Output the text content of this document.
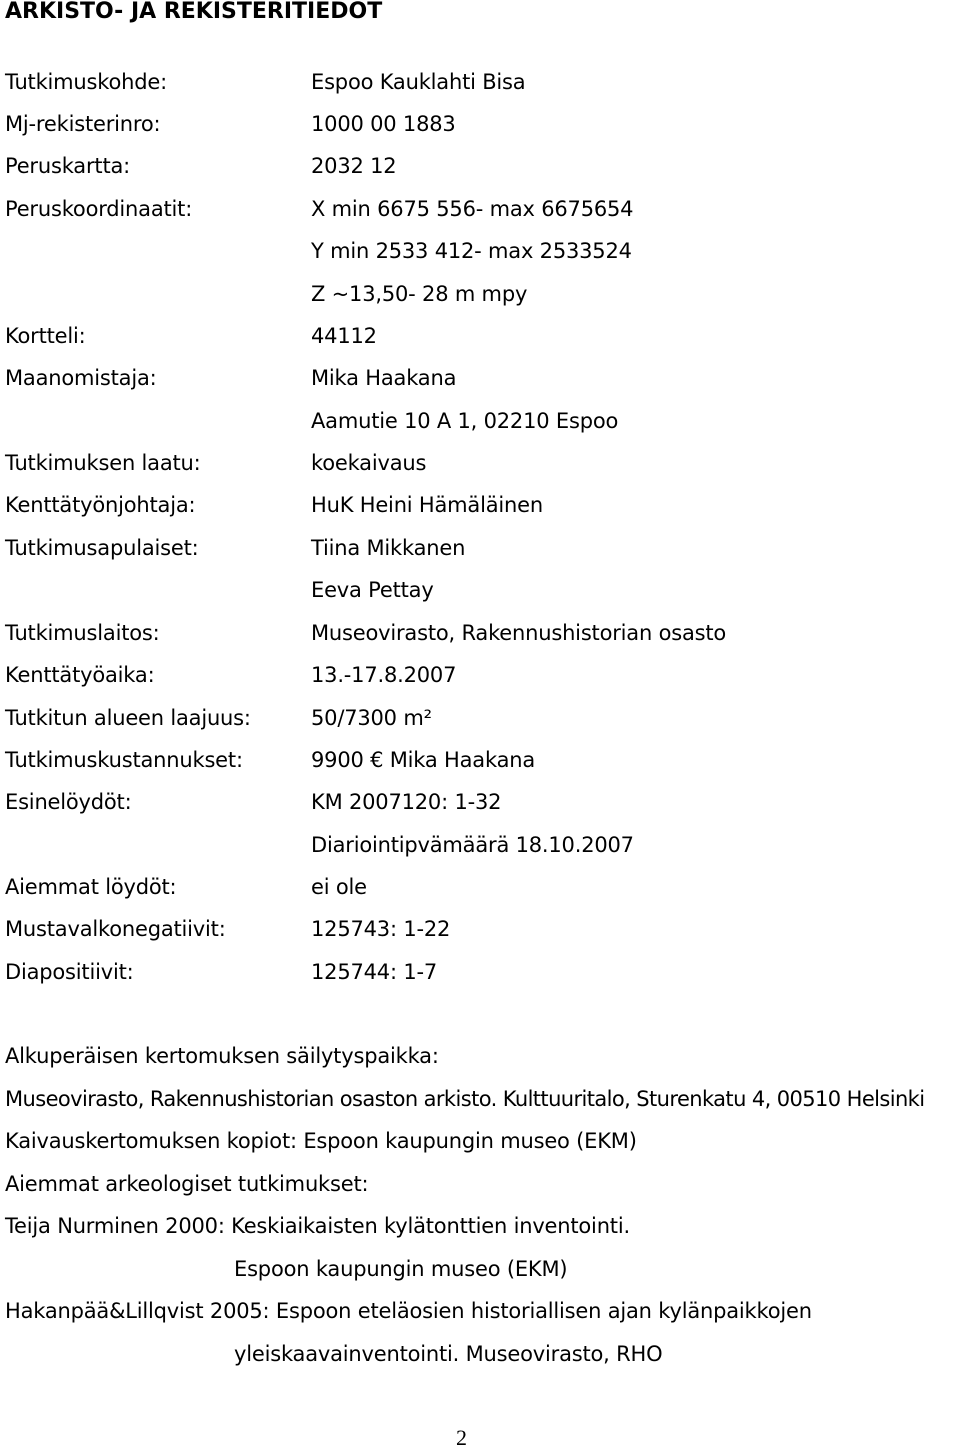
ARKISTO- JA REKISTERITIEDOT
Tutkimuskohde:	Espoo Kauklahti Bisa
Mj-rekisterinro:	1000 00 1883
Peruskartta:	2032 12
Peruskoordinaatit:	X min 6675 556- max 6675654
Y min 2533 412- max 2533524
Z ~13,50- 28 m mpy
Kortteli:	44112
Maanomistaja:	Mika Haakana
Aamutie 10 A 1, 02210 Espoo
Tutkimuksen laatu:	koekaivaus
Kenttätyönjohtaja:	HuK Heini Hämäläinen
Tutkimusapulaiset:	Tiina Mikkanen
Eeva Pettay
Tutkimuslaitos:	Museovirasto, Rakennushistorian osasto
Kenttätyöaika:	13.-17.8.2007
Tutkitun alueen laajuus:	50/7300 m²
Tutkimuskustannukset:	9900 € Mika Haakana
Esinelöydöt:	KM 2007120: 1-32
Diariointipvämäärä 18.10.2007
Aiemmat löydöt:	ei ole
Mustavalkonegatiivit:	125743: 1-22
Diapositiivit:	125744: 1-7
Alkuperäisen kertomuksen säilytyspaikka:
Museovirasto, Rakennushistorian osaston arkisto. Kulttuuritalo, Sturenkatu 4, 00510 Helsinki
Kaivauskertomuksen kopiot: Espoon kaupungin museo (EKM)
Aiemmat arkeologiset tutkimukset:
Teija Nurminen 2000: Keskiaikaisten kylätonttien inventointi.
Espoon kaupungin museo (EKM)
Hakanpää&Lillqvist 2005: Espoon eteläosien historiallisen ajan kylänpaikkojen
yleiskaavainventointi. Museovirasto, RHO
2
